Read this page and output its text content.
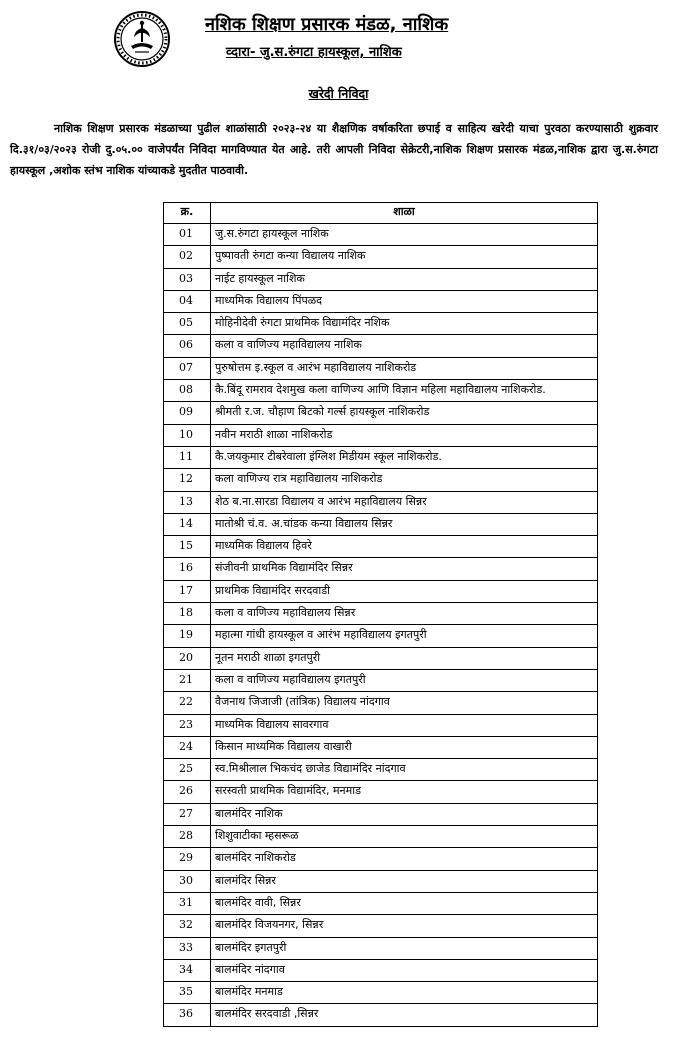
नशिक शिक्षण प्रसारक मंडळ, नाशिक
व्दारा- जु.स.रुंगटा हायस्कूल, नाशिक
खरेदी निविदा

नाशिक शिक्षण प्रसारक मंडळाच्या पुढील शाळांसाठी २०२३-२४ या शैक्षणिक वर्षाकरिता छपाई व साहित्य खरेदी याचा पुरवठा करण्यासाठी शुक्रवार दि.३१/०३/२०२३ रोजी दु.०५.०० वाजेपर्यंत निविदा मागविण्यात येत आहे. तरी आपली निविदा सेक्रेटरी,नाशिक शिक्षण प्रसारक मंडळ,नाशिक द्वारा जु.स.रुंगटा हायस्कूल ,अशोक स्तंभ नाशिक यांच्याकडे मुदतीत पाठवावी.

क्र.	शाळा
01	जु.स.रुंगटा हायस्कूल नाशिक
02	पुष्पावती रुंगटा कन्या विद्यालय नाशिक
03	नाईट हायस्कूल नाशिक
04	माध्यमिक विद्यालय पिंपळद
05	मोहिनीदेवी रुंगटा प्राथमिक विद्यामंदिर नशिक
06	कला व वाणिज्य महाविद्यालय नाशिक
07	पुरुषोत्तम इ.स्कूल व आरंभ महाविद्यालय नाशिकरोड
08	कै.बिंदू रामराव देशमुख कला वाणिज्य आणि विज्ञान महिला महाविद्यालय नाशिकरोड.
09	श्रीमती र.ज. चौहाण बिटको गर्ल्स हायस्कूल नाशिकरोड
10	नवीन मराठी शाळा नाशिकरोड
11	कै.जयकुमार टीबरेवाला इंग्लिश मिडीयम स्कूल नाशिकरोड.
12	कला वाणिज्य रात्र महाविद्यालय नाशिकरोड
13	शेठ ब.ना.सारडा विद्यालय व आरंभ महाविद्यालय सिन्नर
14	मातोश्री चं.व. अ.चांडक कन्या विद्यालय सिन्नर
15	माध्यमिक विद्यालय हिवरे
16	संजीवनी प्राथमिक विद्यामंदिर सिन्नर
17	प्राथमिक विद्यामंदिर सरदवाडी
18	कला व वाणिज्य महाविद्यालय सिन्नर
19	महात्मा गांधी हायस्कूल व आरंभ महाविद्यालय इगतपुरी
20	नूतन मराठी शाळा इगतपुरी
21	कला व वाणिज्य महाविद्यालय इगतपुरी
22	वैजनाथ जिजाजी (तांत्रिक) विद्यालय नांदगाव
23	माध्यमिक विद्यालय सावरगाव
24	किसान माध्यमिक विद्यालय वाखारी
25	स्व.मिश्रीलाल भिकचंद छाजेड विद्यामंदिर नांदगाव
26	सरस्वती प्राथमिक विद्यामंदिर, मनमाड
27	बालमंदिर नाशिक
28	शिशुवाटीका म्हसरूळ
29	बालमंदिर नाशिकरोड
30	बालमंदिर सिन्नर
31	बालमंदिर वावी, सिन्नर
32	बालमंदिर विजयनगर, सिन्नर
33	बालमंदिर इगतपुरी
34	बालमंदिर नांदगाव
35	बालमंदिर मनमाड
36	बालमंदिर सरदवाडी ,सिन्नर
